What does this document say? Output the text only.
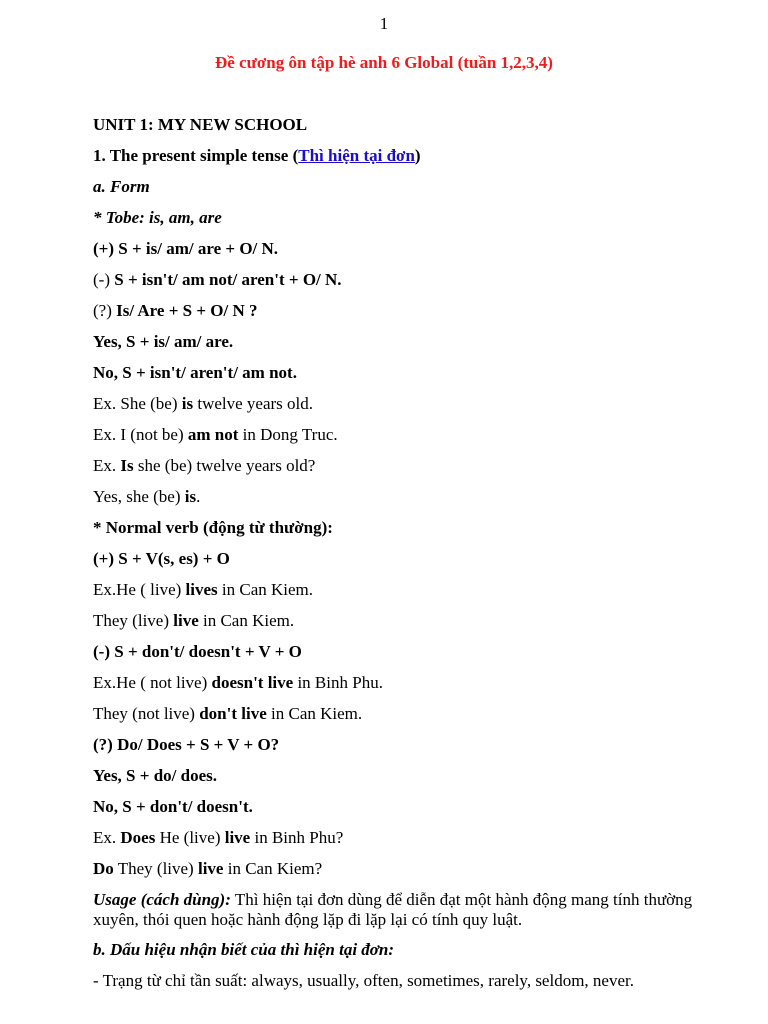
1
Đề cương ôn tập hè anh 6 Global (tuần 1,2,3,4)
UNIT 1: MY NEW SCHOOL
1. The present simple tense (Thì hiện tại đơn)
a. Form
* Tobe: is, am, are
(+) S + is/ am/ are + O/ N.
(-) S + isn't/ am not/ aren't + O/ N.
(?) Is/ Are + S + O/ N ?
Yes, S + is/ am/ are.
No, S + isn't/ aren't/ am not.
Ex. She (be) is twelve years old.
Ex. I (not be) am not in Dong Truc.
Ex. Is she (be) twelve years old?
Yes, she (be) is.
* Normal verb (động từ thường):
(+) S + V(s, es) + O
Ex.He ( live) lives in Can Kiem.
They (live) live in Can Kiem.
(-) S + don't/ doesn't + V + O
Ex.He ( not live) doesn't live in Binh Phu.
They (not live) don't live in Can Kiem.
(?) Do/ Does + S + V + O?
Yes, S + do/ does.
No, S + don't/ doesn't.
Ex. Does He (live) live in Binh Phu?
Do They (live) live in Can Kiem?
Usage (cách dùng): Thì hiện tại đơn dùng để diễn đạt một hành động mang tính thường xuyên, thói quen hoặc hành động lặp đi lặp lại có tính quy luật.
b. Dấu hiệu nhận biết của thì hiện tại đơn:
- Trạng từ chỉ tần suất: always, usually, often, sometimes, rarely, seldom, never.
